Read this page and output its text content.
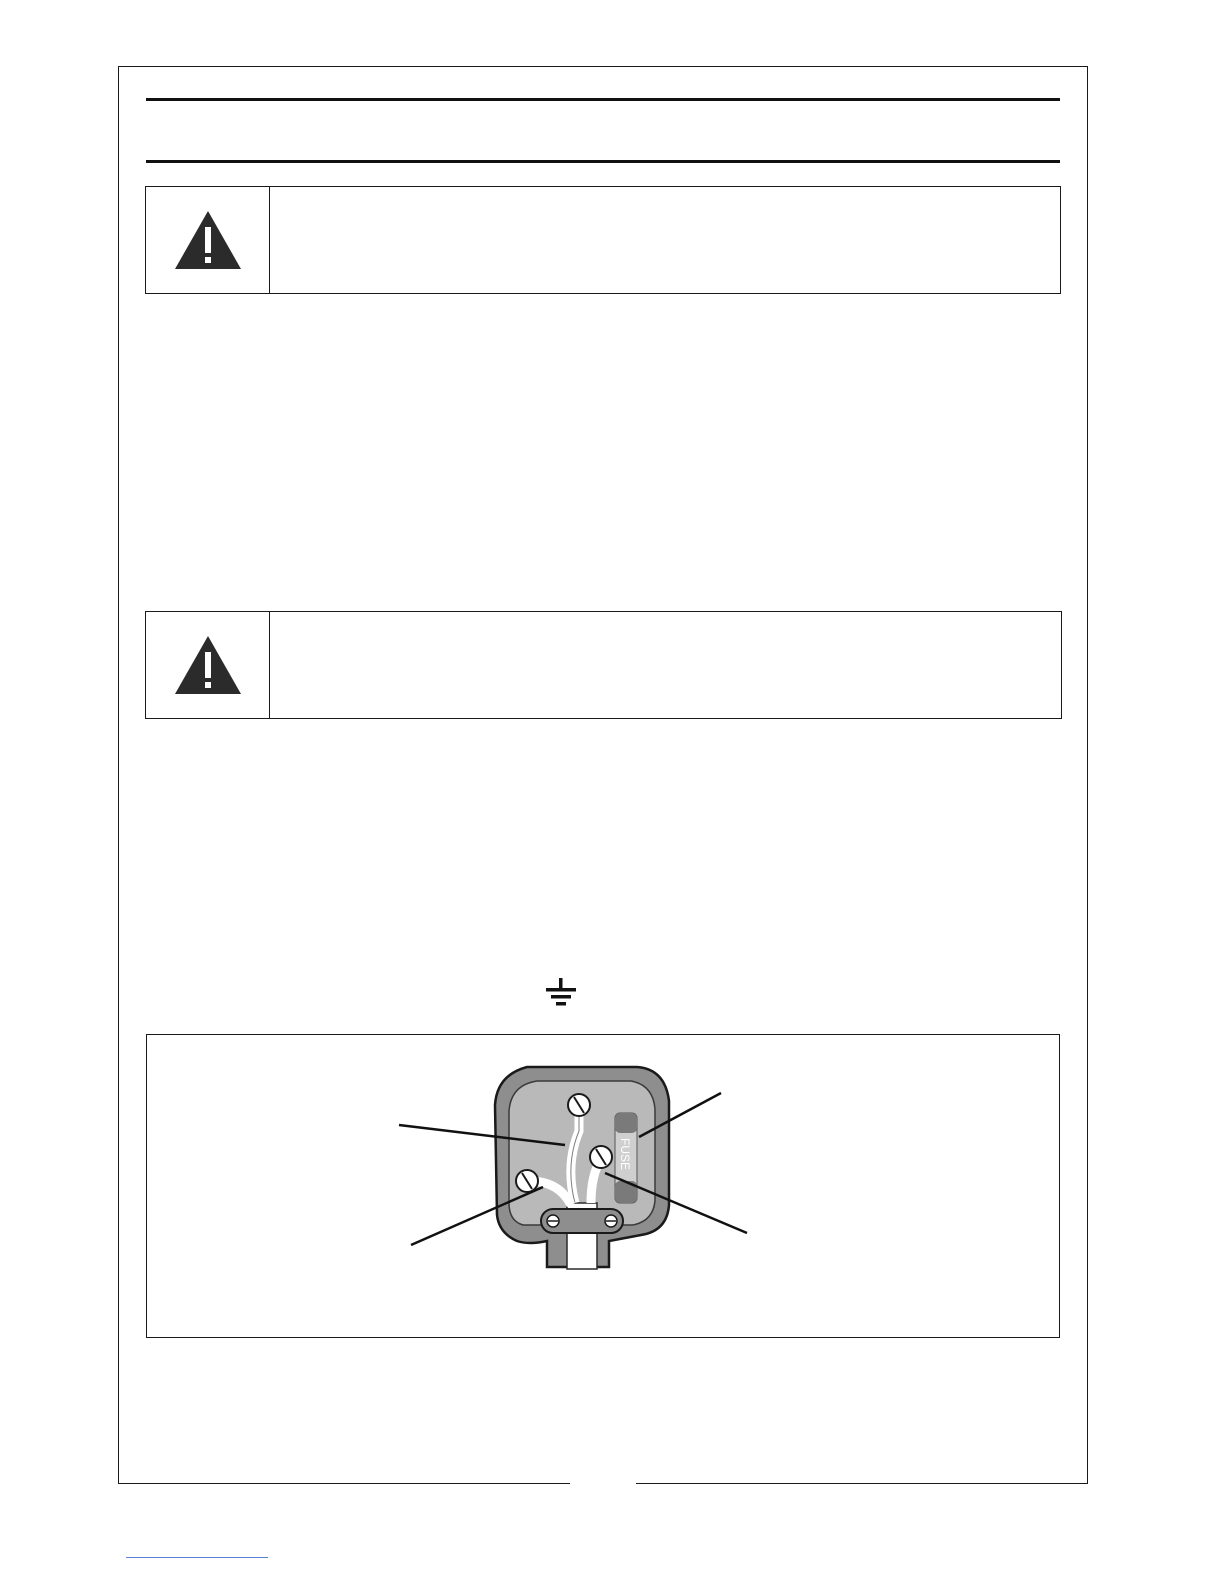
FUSE
